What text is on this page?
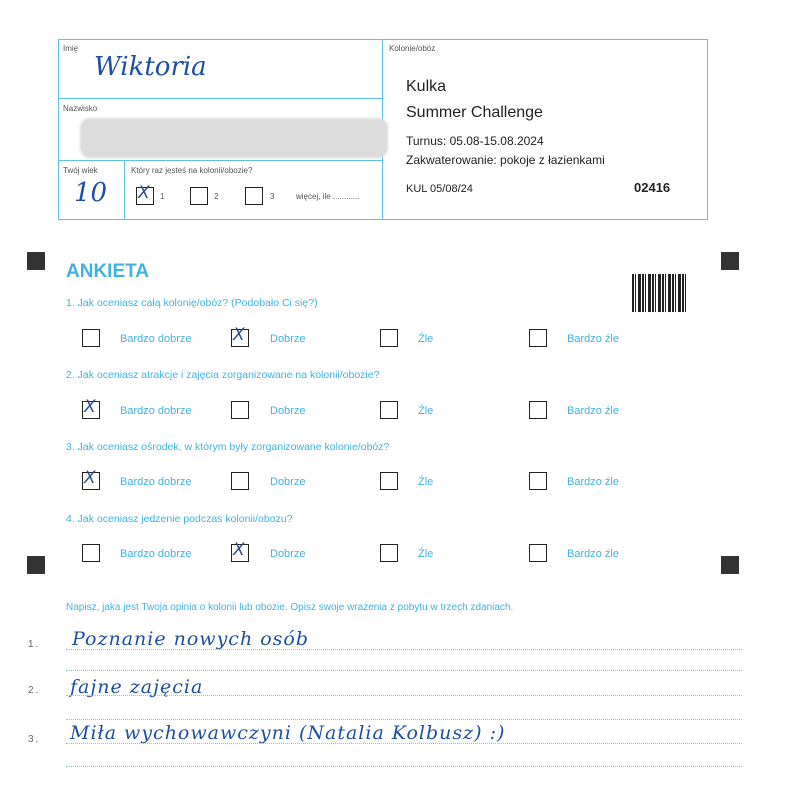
Imię
Wiktoria
Nazwisko
Twój wiek
10
Który raz jesteś na kolonii/obozie?
X 1	2	3	więcej, ile ............
Kolonie/obóz
Kulka
Summer Challenge
Turnus: 05.08-15.08.2024
Zakwaterowanie: pokoje z łazienkami
KUL 05/08/24	02416
ANKIETA
1. Jak oceniasz całą kolonię/obóz? (Podobało Ci się?)
Bardzo dobrze X Dobrze	Źle	Bardzo źle
2. Jak oceniasz atrakcje i zajęcia zorganizowane na kolonii/obozie?
X Bardzo dobrze	Dobrze	Źle	Bardzo źle
3. Jak oceniasz ośrodek, w którym były zorganizowane kolonie/obóz?
X Bardzo dobrze	Dobrze	Źle	Bardzo źle
4. Jak oceniasz jedzenie podczas kolonii/obozu?
Bardzo dobrze X Dobrze	Źle	Bardzo źle
Napisz, jaka jest Twoja opinia o kolonii lub obozie. Opisz swoje wrażenia z pobytu w trzech zdaniach.
1. Poznanie nowych osób
2. fajne zajęcia
3. Miła wychowawczyni (Natalia Kolbusz) :)
